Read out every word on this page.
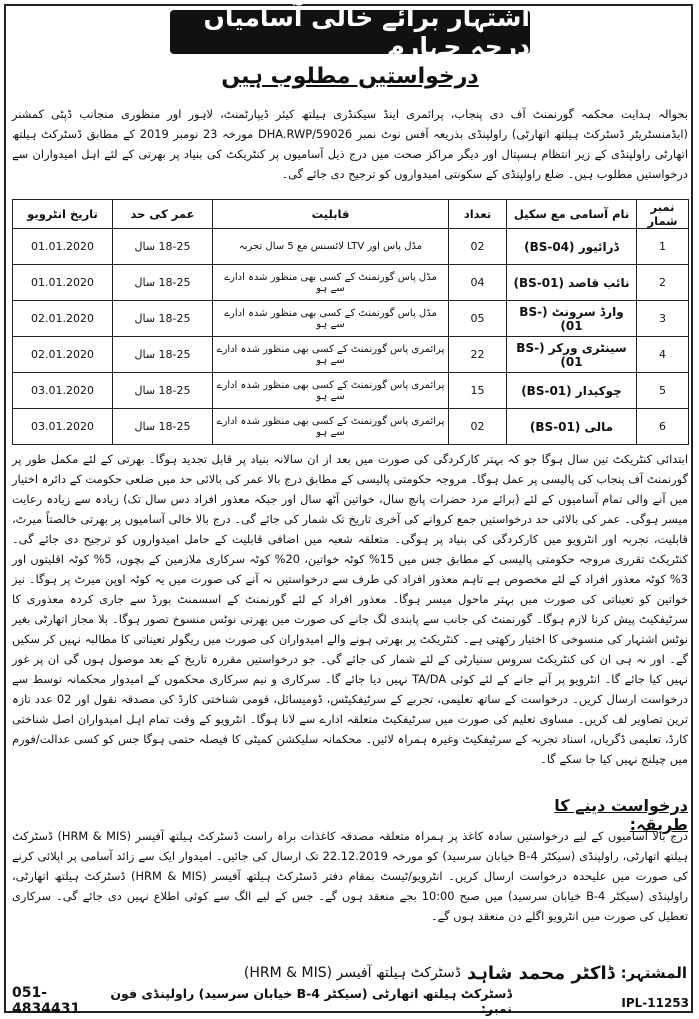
اشتہار برائے خالی آسامیاں درجہ چہارم
درخواستیں مطلوب ہیں
بحوالہ ہدایت محکمہ گورنمنٹ آف دی پنجاب، پرائمری اینڈ سیکنڈری ہیلتھ کیئر ڈیپارٹمنٹ، لاہور اور منظوری منجانب ڈپٹی کمشنر (ایڈمنسٹریٹر ڈسٹرکٹ ہیلتھ اتھارٹی) راولپنڈی بذریعہ آفس نوٹ نمبر 59026/DHA.RWP مورخہ 23 نومبر 2019 کے مطابق ڈسٹرکٹ ہیلتھ اتھارٹی راولپنڈی کے زیر انتظام ہسپتال اور دیگر مراکز صحت میں درج ذیل آسامیوں پر کنٹریکٹ کی بنیاد پر بھرتی کے لئے اہل امیدواران سے درخواستیں مطلوب ہیں۔ ضلع راولپنڈی کے سکونتی امیدواروں کو ترجیح دی جائے گی۔
نمبر شمار	نام آسامی مع سکیل	تعداد	قابلیت	عمر کی حد	تاریخ انٹرویو
1	ڈرائیور (BS-04)	02	مڈل پاس اور LTV لائسنس مع 5 سال تجربہ	18-25 سال	01.01.2020
2	نائب قاصد (BS-01)	04	مڈل پاس گورنمنٹ کے کسی بھی منظور شدہ ادارے سے ہو	18-25 سال	01.01.2020
3	وارڈ سرونٹ (BS-01)	05	مڈل پاس گورنمنٹ کے کسی بھی منظور شدہ ادارے سے ہو	18-25 سال	02.01.2020
4	سینٹری ورکر (BS-01)	22	پرائمری پاس گورنمنٹ کے کسی بھی منظور شدہ ادارے سے ہو	18-25 سال	02.01.2020
5	چوکیدار (BS-01)	15	پرائمری پاس گورنمنٹ کے کسی بھی منظور شدہ ادارے سے ہو	18-25 سال	03.01.2020
6	مالی (BS-01)	02	پرائمری پاس گورنمنٹ کے کسی بھی منظور شدہ ادارے سے ہو	18-25 سال	03.01.2020
ابتدائی کنٹریکٹ تین سال ہوگا جو کہ بہتر کارکردگی کی صورت میں بعد از ان سالانہ بنیاد پر قابل تجدید ہوگا۔ بھرتی کے لئے مکمل طور پر گورنمنٹ آف پنجاب کی پالیسی پر عمل ہوگا۔ مروجہ حکومتی پالیسی کے مطابق درج بالا عمر کی بالائی حد میں ضلعی حکومت کے دائرہ اختیار میں آنے والی تمام آسامیوں کے لئے (برائے مرد حضرات پانچ سال، خواتین آٹھ سال اور جبکہ معذور افراد دس سال تک) زیادہ سے زیادہ رعایت میسر ہوگی۔ عمر کی بالائی حد درخواستیں جمع کروانے کی آخری تاریخ تک شمار کی جائے گی۔ درج بالا خالی آسامیوں پر بھرتی خالصتاً میرٹ، قابلیت، تجربہ اور انٹرویو میں کارکردگی کی بنیاد پر ہوگی۔ متعلقہ شعبہ میں اضافی قابلیت کے حامل امیدواروں کو ترجیح دی جائے گی۔ کنٹریکٹ تقرری مروجہ حکومتی پالیسی کے مطابق جس میں 15% کوٹہ خواتین، 20% کوٹہ سرکاری ملازمین کے بچوں، 5% کوٹہ اقلیتوں اور 3% کوٹہ معذور افراد کے لئے مخصوص ہے تاہم معذور افراد کی طرف سے درخواستیں نہ آنے کی صورت میں یہ کوٹہ اوپن میرٹ پر ہوگا۔ نیز خواتین کو تعیناتی کی صورت میں بہتر ماحول میسر ہوگا۔ معذور افراد کے لئے گورنمنٹ کے اسسمنٹ بورڈ سے جاری کردہ معذوری کا سرٹیفکیٹ پیش کرنا لازم ہوگا۔ گورنمنٹ کی جانب سے پابندی لگ جانے کی صورت میں بھرتی نوٹس منسوخ تصور ہوگا۔ بلا مجاز اتھارٹی بغیر نوٹس اشتہار کی منسوخی کا اختیار رکھتی ہے۔ کنٹریکٹ پر بھرتی ہونے والے امیدواران کی صورت میں ریگولر تعیناتی کا مطالبہ نہیں کر سکیں گے۔ اور نہ ہی ان کی کنٹریکٹ سروس سنیارٹی کے لئے شمار کی جائے گی۔ جو درخواستیں مقررہ تاریخ کے بعد موصول ہوں گی ان پر غور نہیں کیا جائے گا۔ انٹرویو پر آنے جانے کے لئے کوئی TA/DA نہیں دیا جائے گا۔ سرکاری و نیم سرکاری محکموں کے امیدوار محکمانہ توسط سے درخواست ارسال کریں۔ درخواست کے ساتھ تعلیمی، تجربے کے سرٹیفکیٹس، ڈومیسائل، قومی شناختی کارڈ کی مصدقہ نقول اور 02 عدد تازہ ترین تصاویر لف کریں۔ مساوی تعلیم کی صورت میں سرٹیفکیٹ متعلقہ ادارے سے لانا ہوگا۔ انٹرویو کے وقت تمام اہل امیدواران اصل شناختی کارڈ، تعلیمی ڈگریاں، اسناد تجربہ کے سرٹیفکیٹ وغیرہ ہمراہ لائیں۔ محکمانہ سلیکشن کمیٹی کا فیصلہ حتمی ہوگا جس کو کسی عدالت/فورم میں چیلنج نہیں کیا جا سکے گا۔
درخواست دینے کا طریقہ:
درج بالا آسامیوں کے لیے درخواستیں سادہ کاغذ پر ہمراہ متعلقہ مصدقہ کاغذات براہ راست ڈسٹرکٹ ہیلتھ آفیسر (HRM & MIS) ڈسٹرکٹ ہیلتھ اتھارٹی، راولپنڈی (سیکٹر 4-B خیابان سرسید) کو مورخہ 22.12.2019 تک ارسال کی جائیں۔ امیدوار ایک سے زائد آسامی پر اپلائی کرنے کی صورت میں علیحدہ درخواست ارسال کریں۔ انٹرویو/ٹیسٹ بمقام دفتر ڈسٹرکٹ ہیلتھ آفیسر (HRM & MIS) ڈسٹرکٹ ہیلتھ اتھارٹی، راولپنڈی (سیکٹر 4-B خیابان سرسید) میں صبح 10:00 بجے منعقد ہوں گے۔ جس کے لیے الگ سے کوئی اطلاع نہیں دی جائے گی۔ سرکاری تعطیل کی صورت میں انٹرویو اگلے دن منعقد ہوں گے۔
المشتہر:
ڈاکٹر محمد شاہد
ڈسٹرکٹ ہیلتھ آفیسر (HRM & MIS)
051-4834431
ڈسٹرکٹ ہیلتھ اتھارٹی (سیکٹر B-4 خیابان سرسید) راولپنڈی فون نمبر:	IPL-11253
